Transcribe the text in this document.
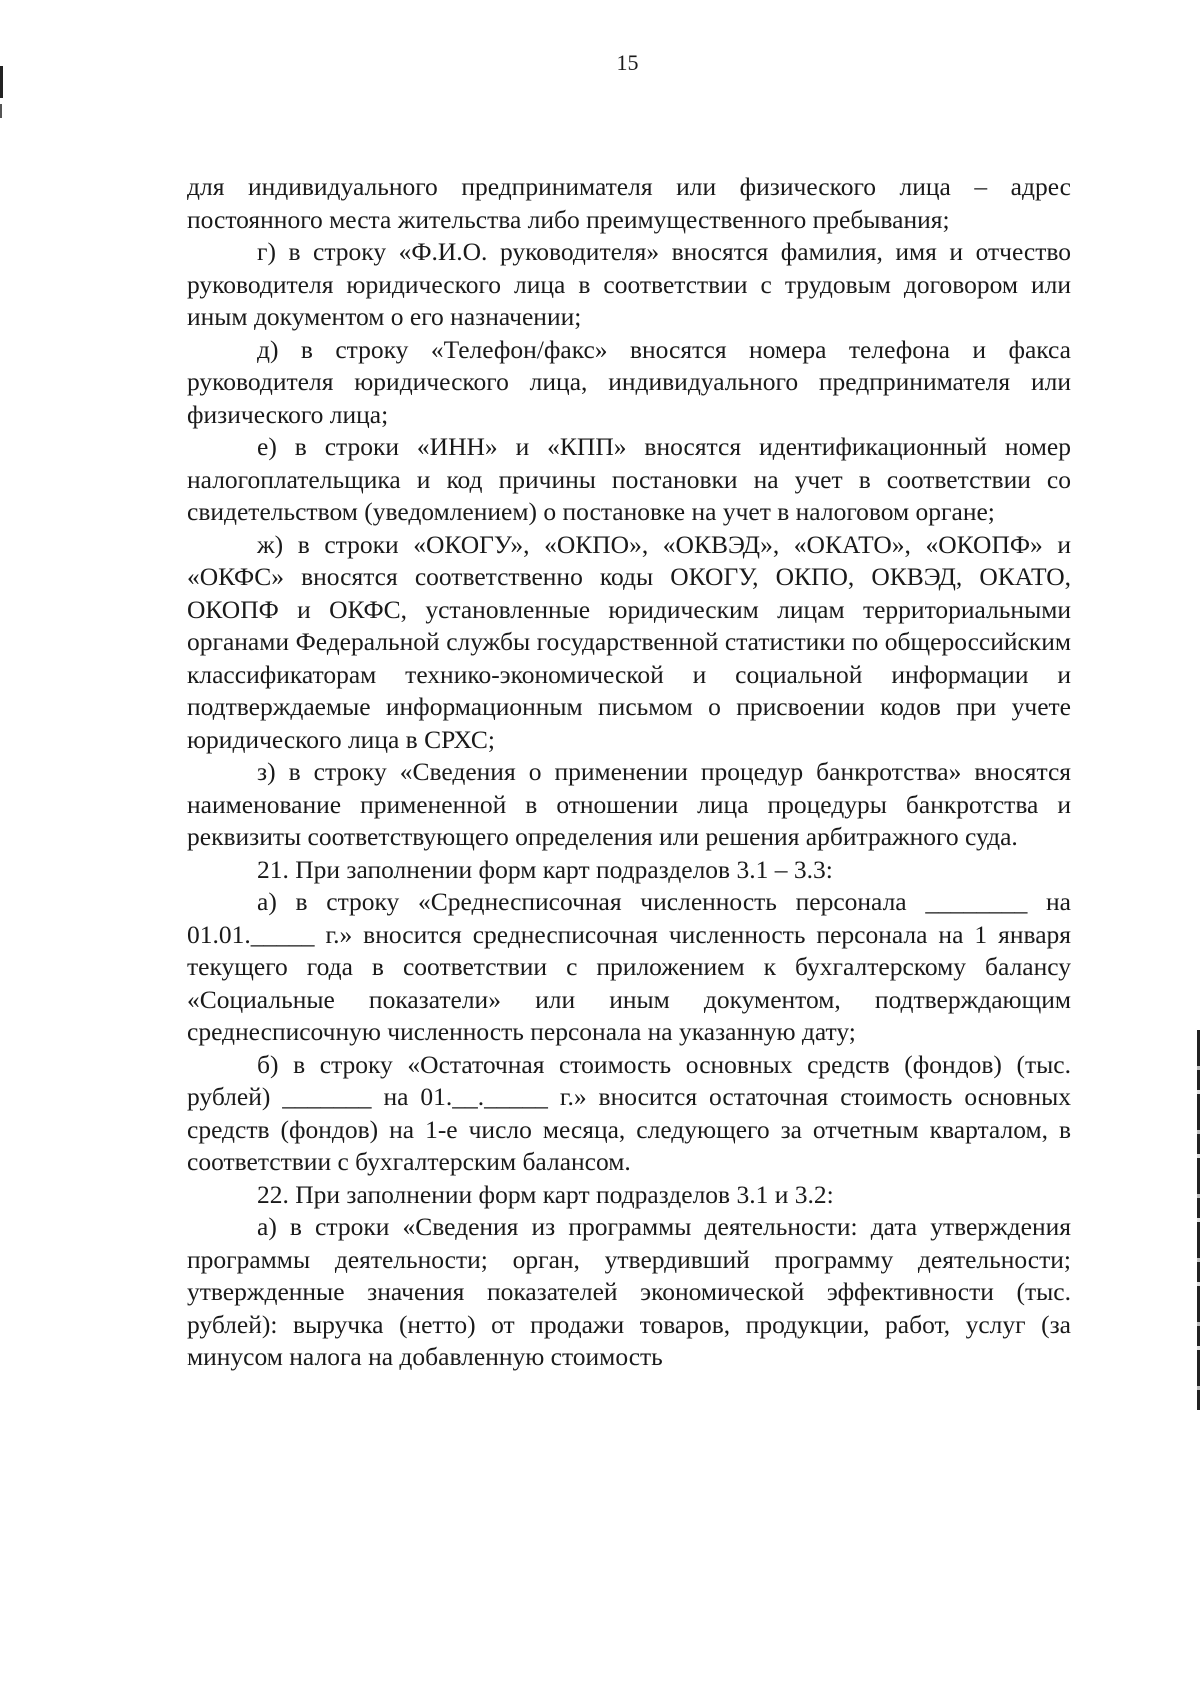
15

для индивидуального предпринимателя или физического лица – адрес постоянного места жительства либо преимущественного пребывания;

г) в строку «Ф.И.О. руководителя» вносятся фамилия, имя и отчество руководителя юридического лица в соответствии с трудовым договором или иным документом о его назначении;

д) в строку «Телефон/факс» вносятся номера телефона и факса руководителя юридического лица, индивидуального предпринимателя или физического лица;

е) в строки «ИНН» и «КПП» вносятся идентификационный номер налогоплательщика и код причины постановки на учет в соответствии со свидетельством (уведомлением) о постановке на учет в налоговом органе;

ж) в строки «ОКОГУ», «ОКПО», «ОКВЭД», «ОКАТО», «ОКОПФ» и «ОКФС» вносятся соответственно коды ОКОГУ, ОКПО, ОКВЭД, ОКАТО, ОКОПФ и ОКФС, установленные юридическим лицам территориальными органами Федеральной службы государственной статистики по общероссийским классификаторам технико-экономической и социальной информации и подтверждаемые информационным письмом о присвоении кодов при учете юридического лица в СРХС;

з) в строку «Сведения о применении процедур банкротства» вносятся наименование примененной в отношении лица процедуры банкротства и реквизиты соответствующего определения или решения арбитражного суда.

21. При заполнении форм карт подразделов 3.1 – 3.3:

а) в строку «Среднесписочная численность персонала ________ на 01.01._____ г.» вносится среднесписочная численность персонала на 1 января текущего года в соответствии с приложением к бухгалтерскому балансу «Социальные показатели» или иным документом, подтверждающим среднесписочную численность персонала на указанную дату;

б) в строку «Остаточная стоимость основных средств (фондов) (тыс. рублей) _______ на 01.__._____ г.» вносится остаточная стоимость основных средств (фондов) на 1-е число месяца, следующего за отчетным кварталом, в соответствии с бухгалтерским балансом.

22. При заполнении форм карт подразделов 3.1 и 3.2:

а) в строки «Сведения из программы деятельности: дата утверждения программы деятельности; орган, утвердивший программу деятельности; утвержденные значения показателей экономической эффективности (тыс. рублей): выручка (нетто) от продажи товаров, продукции, работ, услуг (за минусом налога на добавленную стоимость
